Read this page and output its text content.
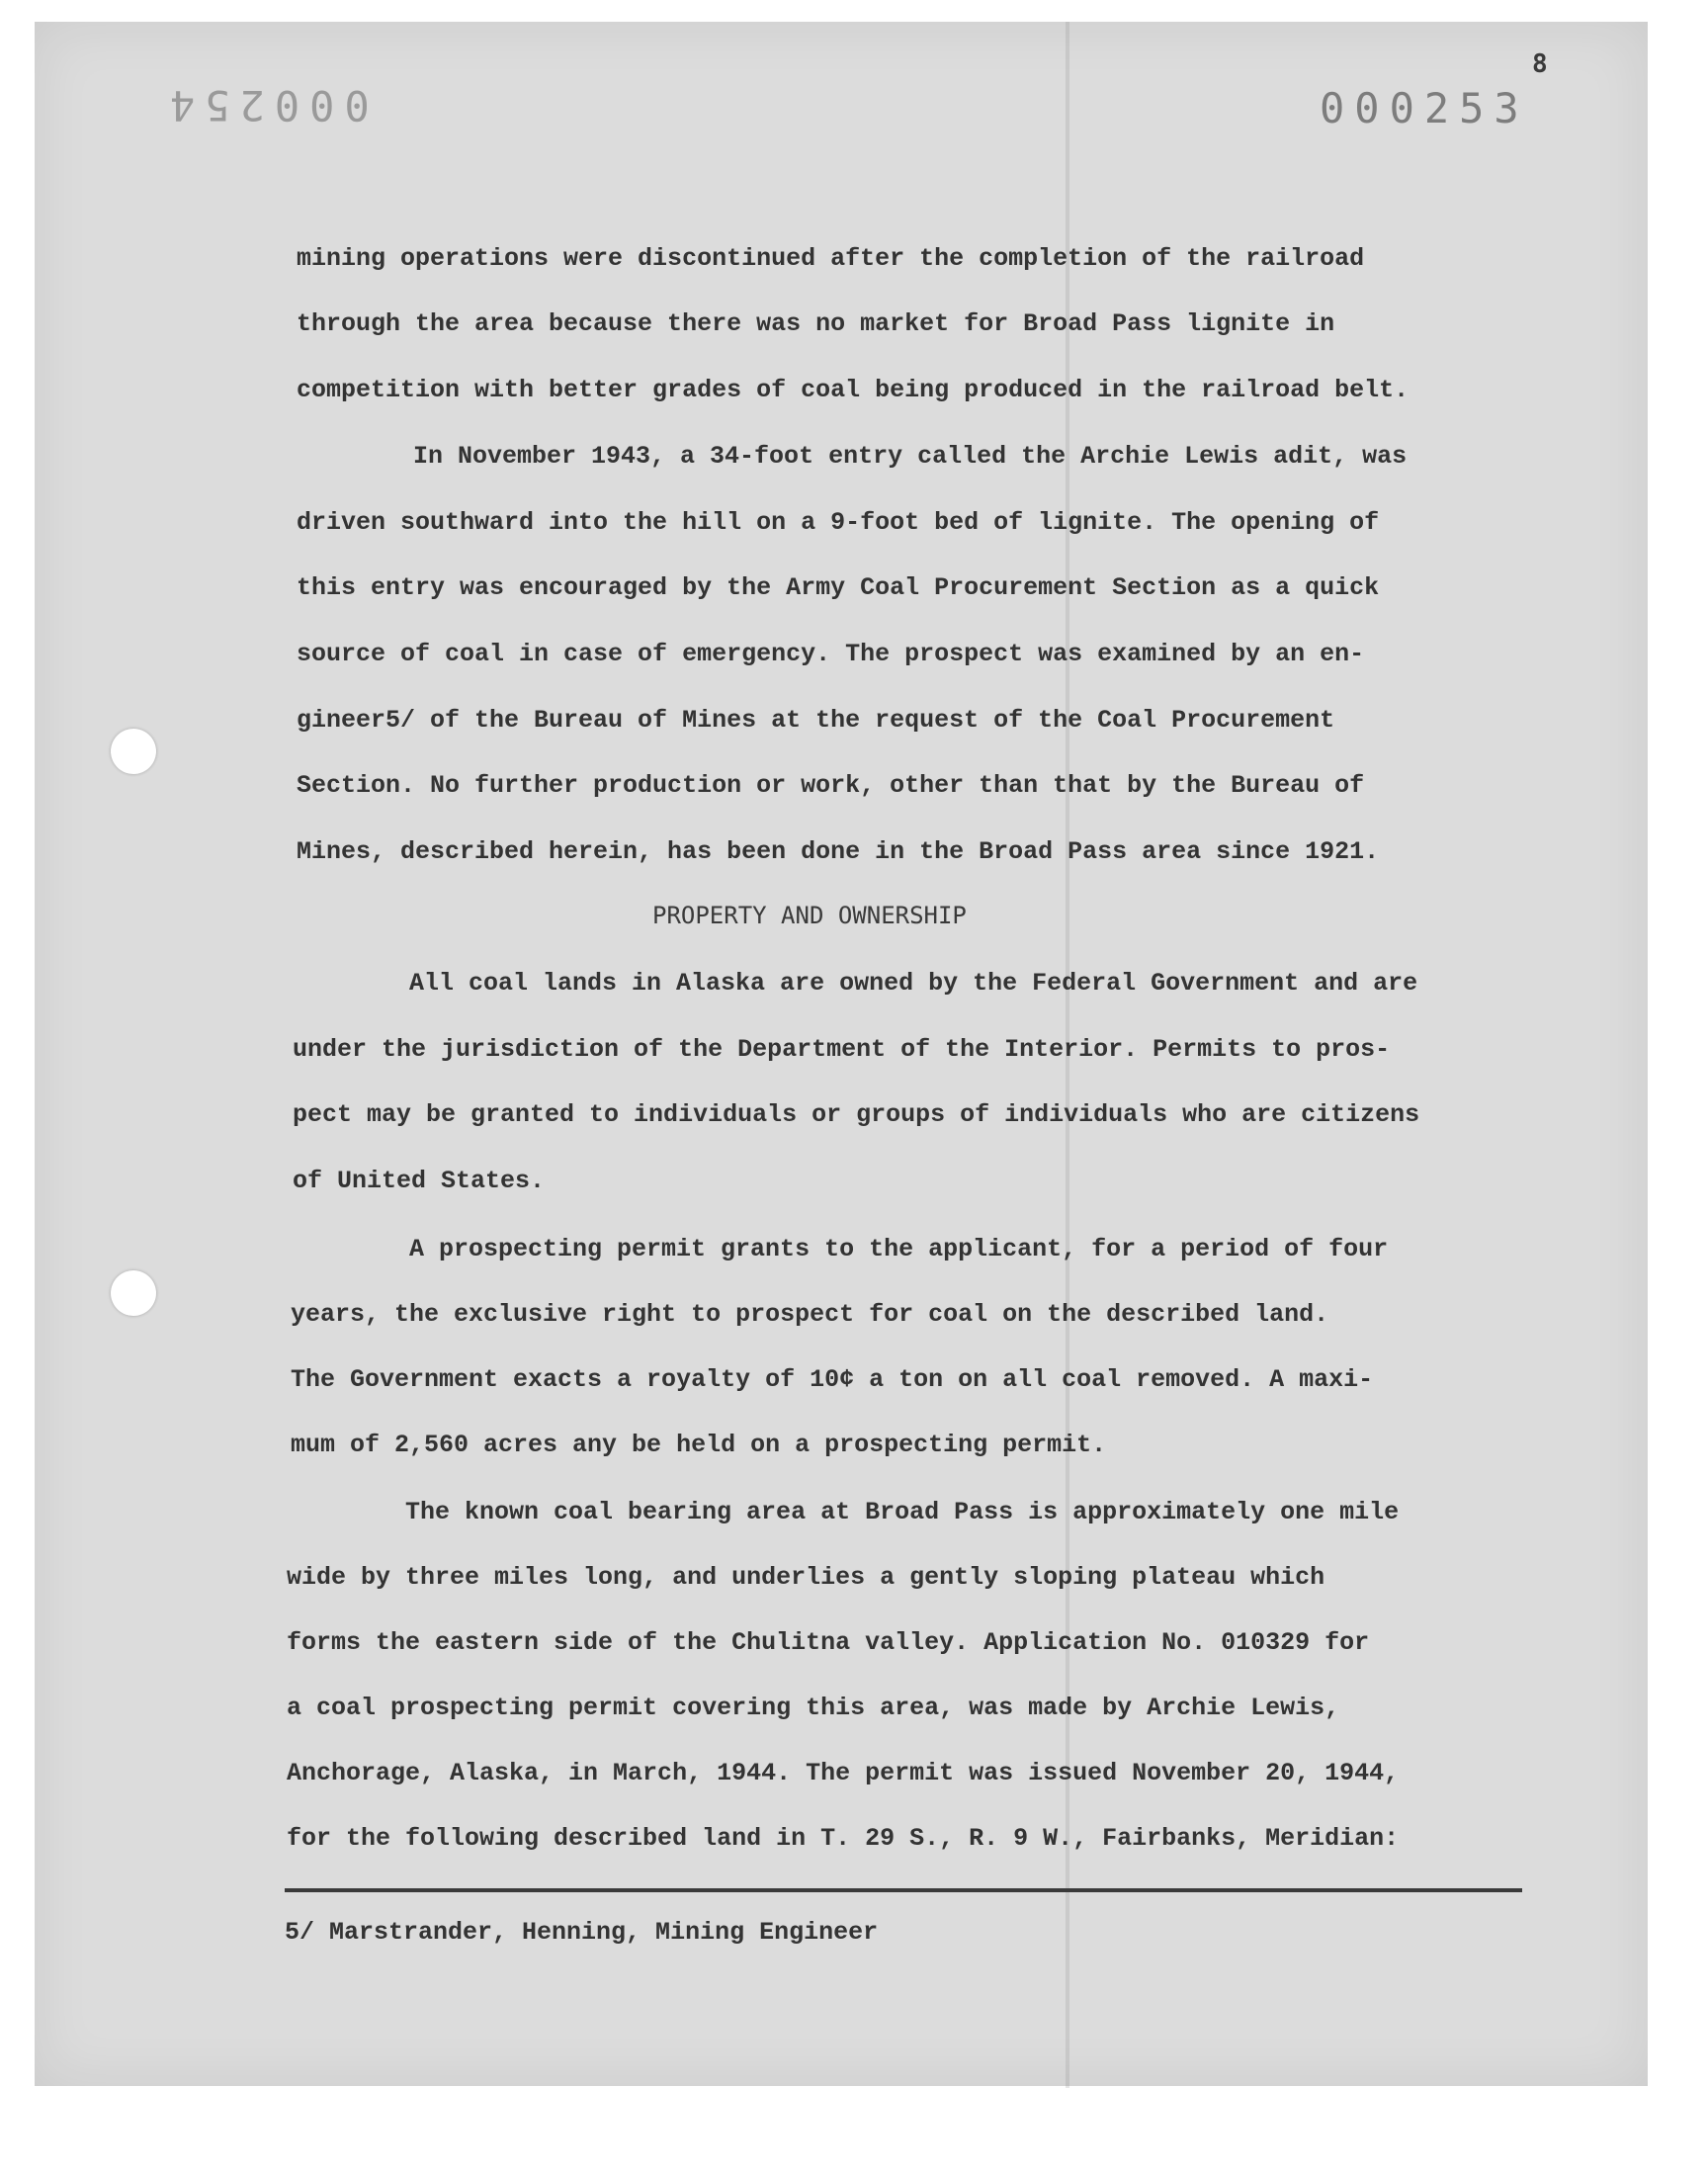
000254	000253
8
mining operations were discontinued after the completion of the railroad
through the area because there was no market for Broad Pass lignite in
competition with better grades of coal being produced in the railroad belt.
In November 1943, a 34-foot entry called the Archie Lewis adit, was
driven southward into the hill on a 9-foot bed of lignite. The opening of
this entry was encouraged by the Army Coal Procurement Section as a quick
source of coal in case of emergency. The prospect was examined by an en-
gineer5/ of the Bureau of Mines at the request of the Coal Procurement
Section. No further production or work, other than that by the Bureau of
Mines, described herein, has been done in the Broad Pass area since 1921.
PROPERTY AND OWNERSHIP
All coal lands in Alaska are owned by the Federal Government and are
under the jurisdiction of the Department of the Interior. Permits to pros-
pect may be granted to individuals or groups of individuals who are citizens
of United States.
A prospecting permit grants to the applicant, for a period of four
years, the exclusive right to prospect for coal on the described land.
The Government exacts a royalty of 10¢ a ton on all coal removed. A maxi-
mum of 2,560 acres any be held on a prospecting permit.
The known coal bearing area at Broad Pass is approximately one mile
wide by three miles long, and underlies a gently sloping plateau which
forms the eastern side of the Chulitna valley. Application No. 010329 for
a coal prospecting permit covering this area, was made by Archie Lewis,
Anchorage, Alaska, in March, 1944. The permit was issued November 20, 1944,
for the following described land in T. 29 S., R. 9 W., Fairbanks, Meridian:
5/ Marstrander, Henning, Mining Engineer
